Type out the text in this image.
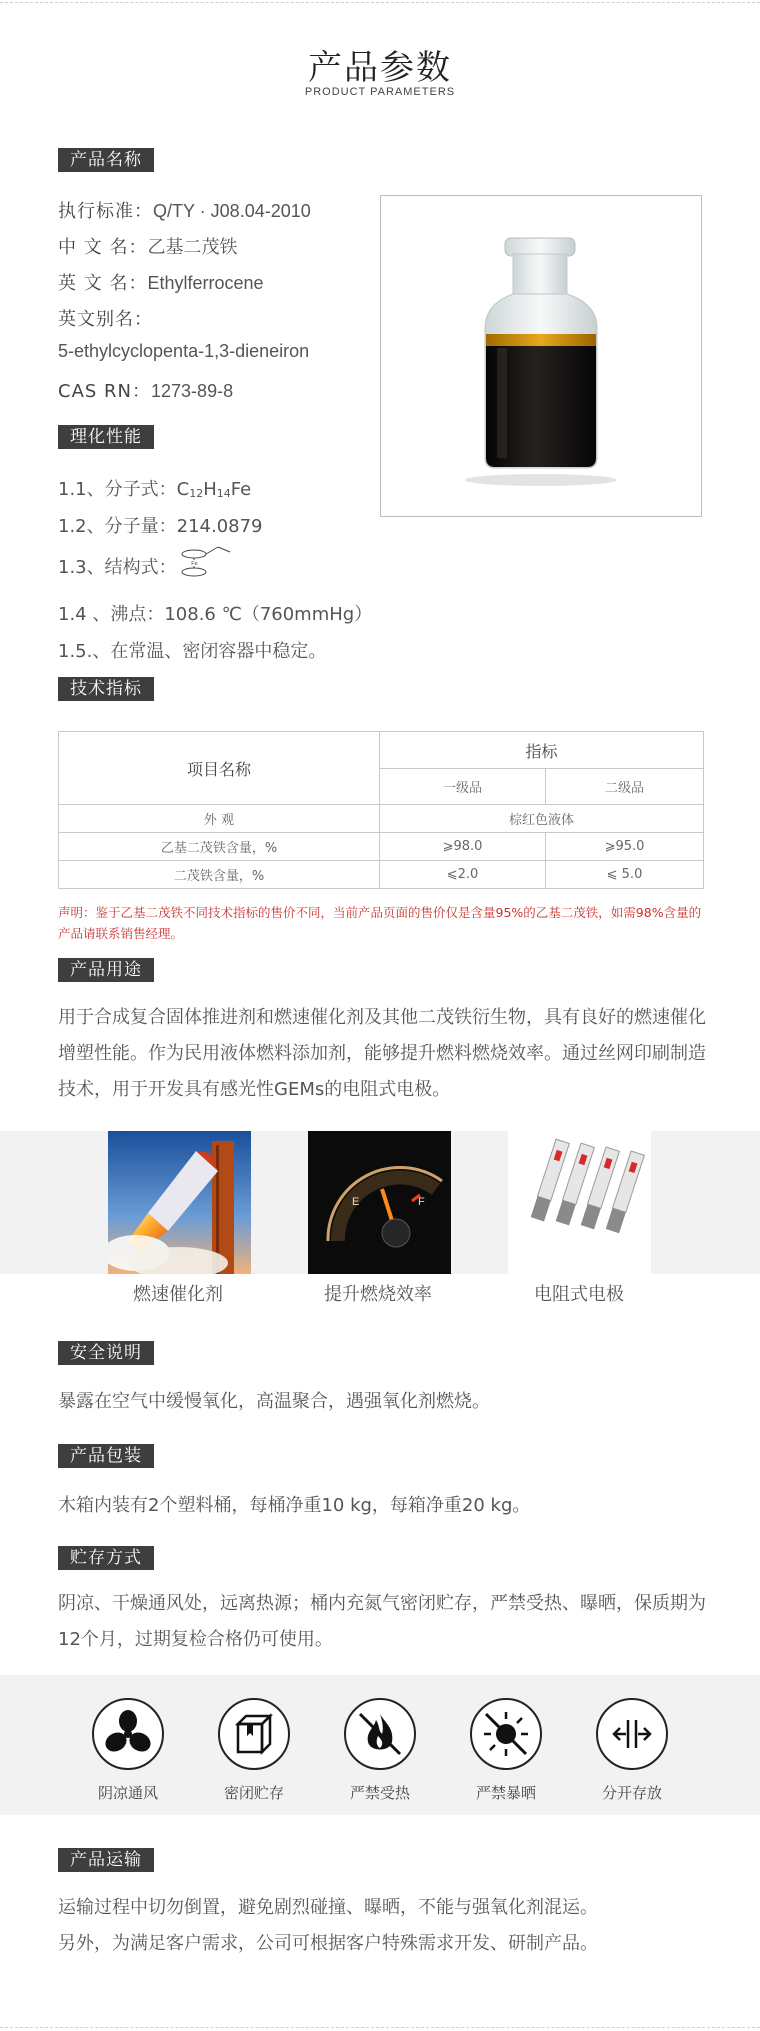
产品参数
PRODUCT PARAMETERS
产品名称
执行标准：Q/TY · J08.04-2010
中 文 名：乙基二茂铁
英 文 名：Ethylferrocene
英文别名：
5-ethylcyclopenta-1,3-dieneiron
CAS RN：1273-89-8
理化性能
1.1、分子式：$C_{12}H_{14}Fe$
1.2、分子量：214.0879
1.3、结构式：	Fe
1.4 、沸点：108.6 ℃（760mmHg）
1.5.、在常温、密闭容器中稳定。
技术指标
项目名称	指标	
	一级品	二级品
外 观	棕红色液体	
乙基二茂铁含量，%	⩾98.0	⩾95.0
二茂铁含量，%	⩽2.0	⩽ 5.0
声明：鉴于乙基二茂铁不同技术指标的售价不同，当前产品页面的售价仅是含量95%的乙基二茂铁，如需98%含量的产品请联系销售经理。
产品用途
用于合成复合固体推进剂和燃速催化剂及其他二茂铁衍生物，具有良好的燃速催化增塑性能。作为民用液体燃料添加剂，能够提升燃料燃烧效率。通过丝网印刷制造技术，用于开发具有感光性GEMs的电阻式电极。
E	F
燃速催化剂	提升燃烧效率	电阻式电极
安全说明
暴露在空气中缓慢氧化，高温聚合，遇强氧化剂燃烧。
产品包装
木箱内装有2个塑料桶，每桶净重10 kg，每箱净重20 kg。
贮存方式
阴凉、干燥通风处，远离热源；桶内充氮气密闭贮存，严禁受热、曝晒，保质期为12个月，过期复检合格仍可使用。
阴凉通风	密闭贮存	严禁受热	严禁暴晒	分开存放
产品运输
运输过程中切勿倒置，避免剧烈碰撞、曝晒，不能与强氧化剂混运。
另外，为满足客户需求，公司可根据客户特殊需求开发、研制产品。
